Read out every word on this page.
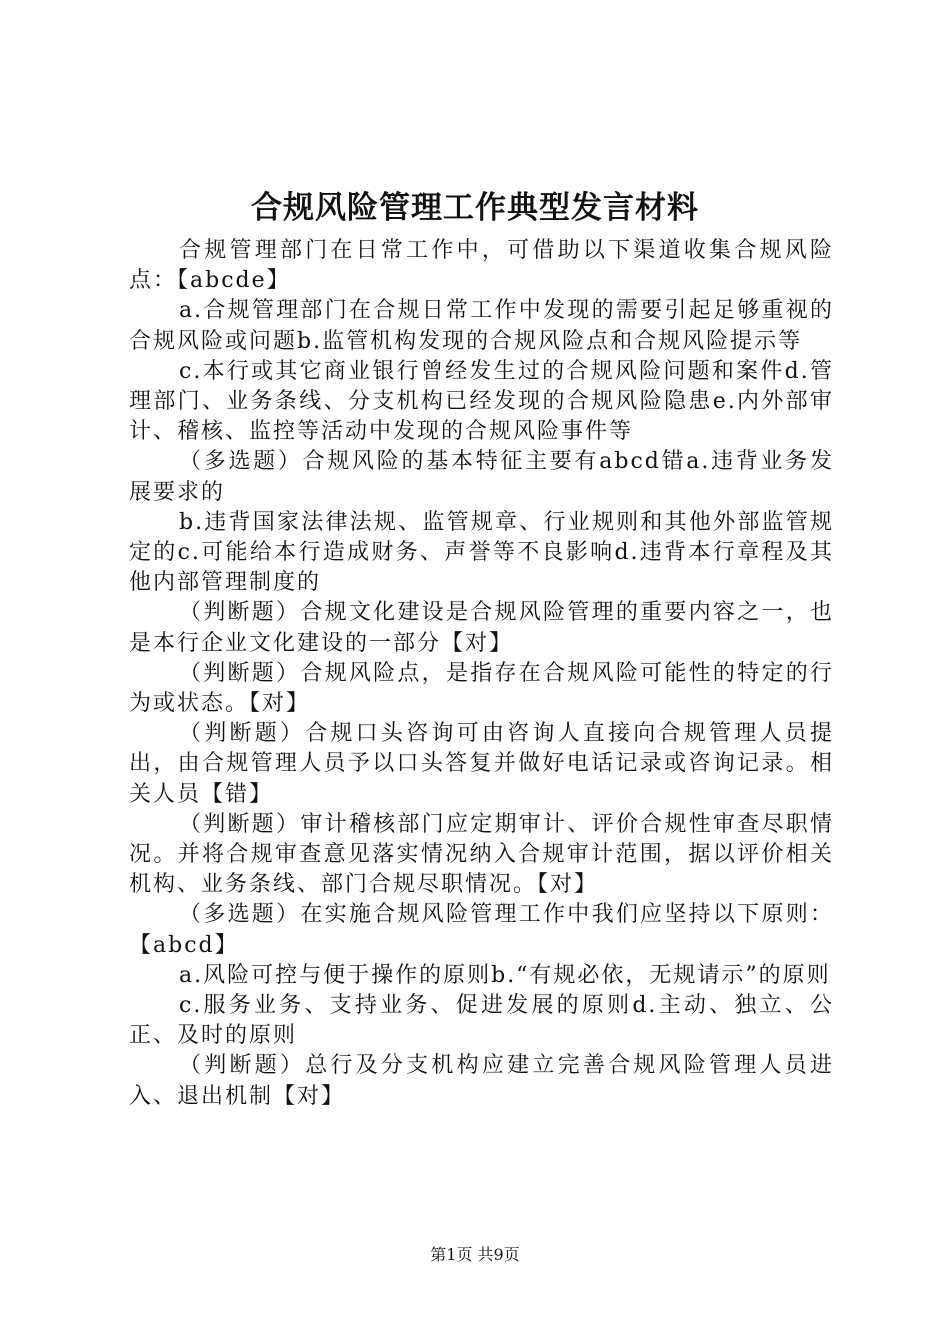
合规风险管理工作典型发言材料

合规管理部门在日常工作中，可借助以下渠道收集合规风险点：【abcde】

a.合规管理部门在合规日常工作中发现的需要引起足够重视的合规风险或问题b.监管机构发现的合规风险点和合规风险提示等

c.本行或其它商业银行曾经发生过的合规风险问题和案件d.管理部门、业务条线、分支机构已经发现的合规风险隐患e.内外部审计、稽核、监控等活动中发现的合规风险事件等

（多选题）合规风险的基本特征主要有abcd错a.违背业务发展要求的

b.违背国家法律法规、监管规章、行业规则和其他外部监管规定的c.可能给本行造成财务、声誉等不良影响d.违背本行章程及其他内部管理制度的

（判断题）合规文化建设是合规风险管理的重要内容之一，也是本行企业文化建设的一部分【对】

（判断题）合规风险点，是指存在合规风险可能性的特定的行为或状态。【对】

（判断题）合规口头咨询可由咨询人直接向合规管理人员提出，由合规管理人员予以口头答复并做好电话记录或咨询记录。相关人员【错】

（判断题）审计稽核部门应定期审计、评价合规性审查尽职情况。并将合规审查意见落实情况纳入合规审计范围，据以评价相关机构、业务条线、部门合规尽职情况。【对】

（多选题）在实施合规风险管理工作中我们应坚持以下原则：【abcd】

a.风险可控与便于操作的原则b.“有规必依，无规请示”的原则

c.服务业务、支持业务、促进发展的原则d.主动、独立、公正、及时的原则

（判断题）总行及分支机构应建立完善合规风险管理人员进入、退出机制【对】

第1页 共9页
